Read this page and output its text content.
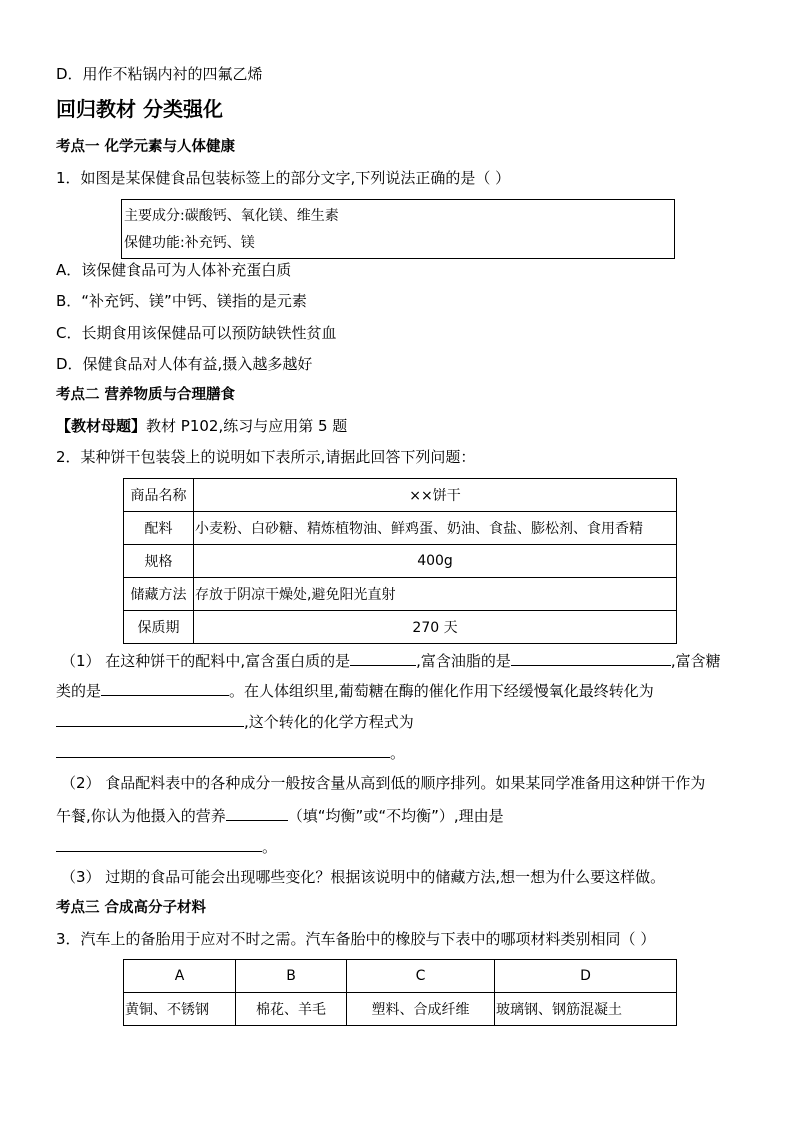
D．用作不粘锅内衬的四氟乙烯
回归教材 分类强化
考点一 化学元素与人体健康
1．如图是某保健食品包装标签上的部分文字,下列说法正确的是（ ）
主要成分:碳酸钙、氧化镁、维生素
保健功能:补充钙、镁
A．该保健食品可为人体补充蛋白质
B．“补充钙、镁”中钙、镁指的是元素
C．长期食用该保健品可以预防缺铁性贫血
D．保健食品对人体有益,摄入越多越好
考点二 营养物质与合理膳食
【教材母题】教材 P102,练习与应用第 5 题
2．某种饼干包装袋上的说明如下表所示,请据此回答下列问题：
商品名称	××饼干
配料	小麦粉、白砂糖、精炼植物油、鲜鸡蛋、奶油、食盐、膨松剂、食用香精
规格	400g
储藏方法	存放于阴凉干燥处,避免阳光直射
保质期	270 天
（1） 在这种饼干的配料中,富含蛋白质的是	,富含油脂的是	,富含糖
类的是	。在人体组织里,葡萄糖在酶的催化作用下经缓慢氧化最终转化为
,这个转化的化学方程式为
。
（2） 食品配料表中的各种成分一般按含量从高到低的顺序排列。如果某同学准备用这种饼干作为
午餐,你认为他摄入的营养	（填“均衡”或“不均衡”）,理由是
。
（3） 过期的食品可能会出现哪些变化？根据该说明中的储藏方法,想一想为什么要这样做。
考点三 合成高分子材料
3．汽车上的备胎用于应对不时之需。汽车备胎中的橡胶与下表中的哪项材料类别相同（ ）
A	B	C	D
黄铜、不锈钢	棉花、羊毛	塑料、合成纤维	玻璃钢、钢筋混凝土
